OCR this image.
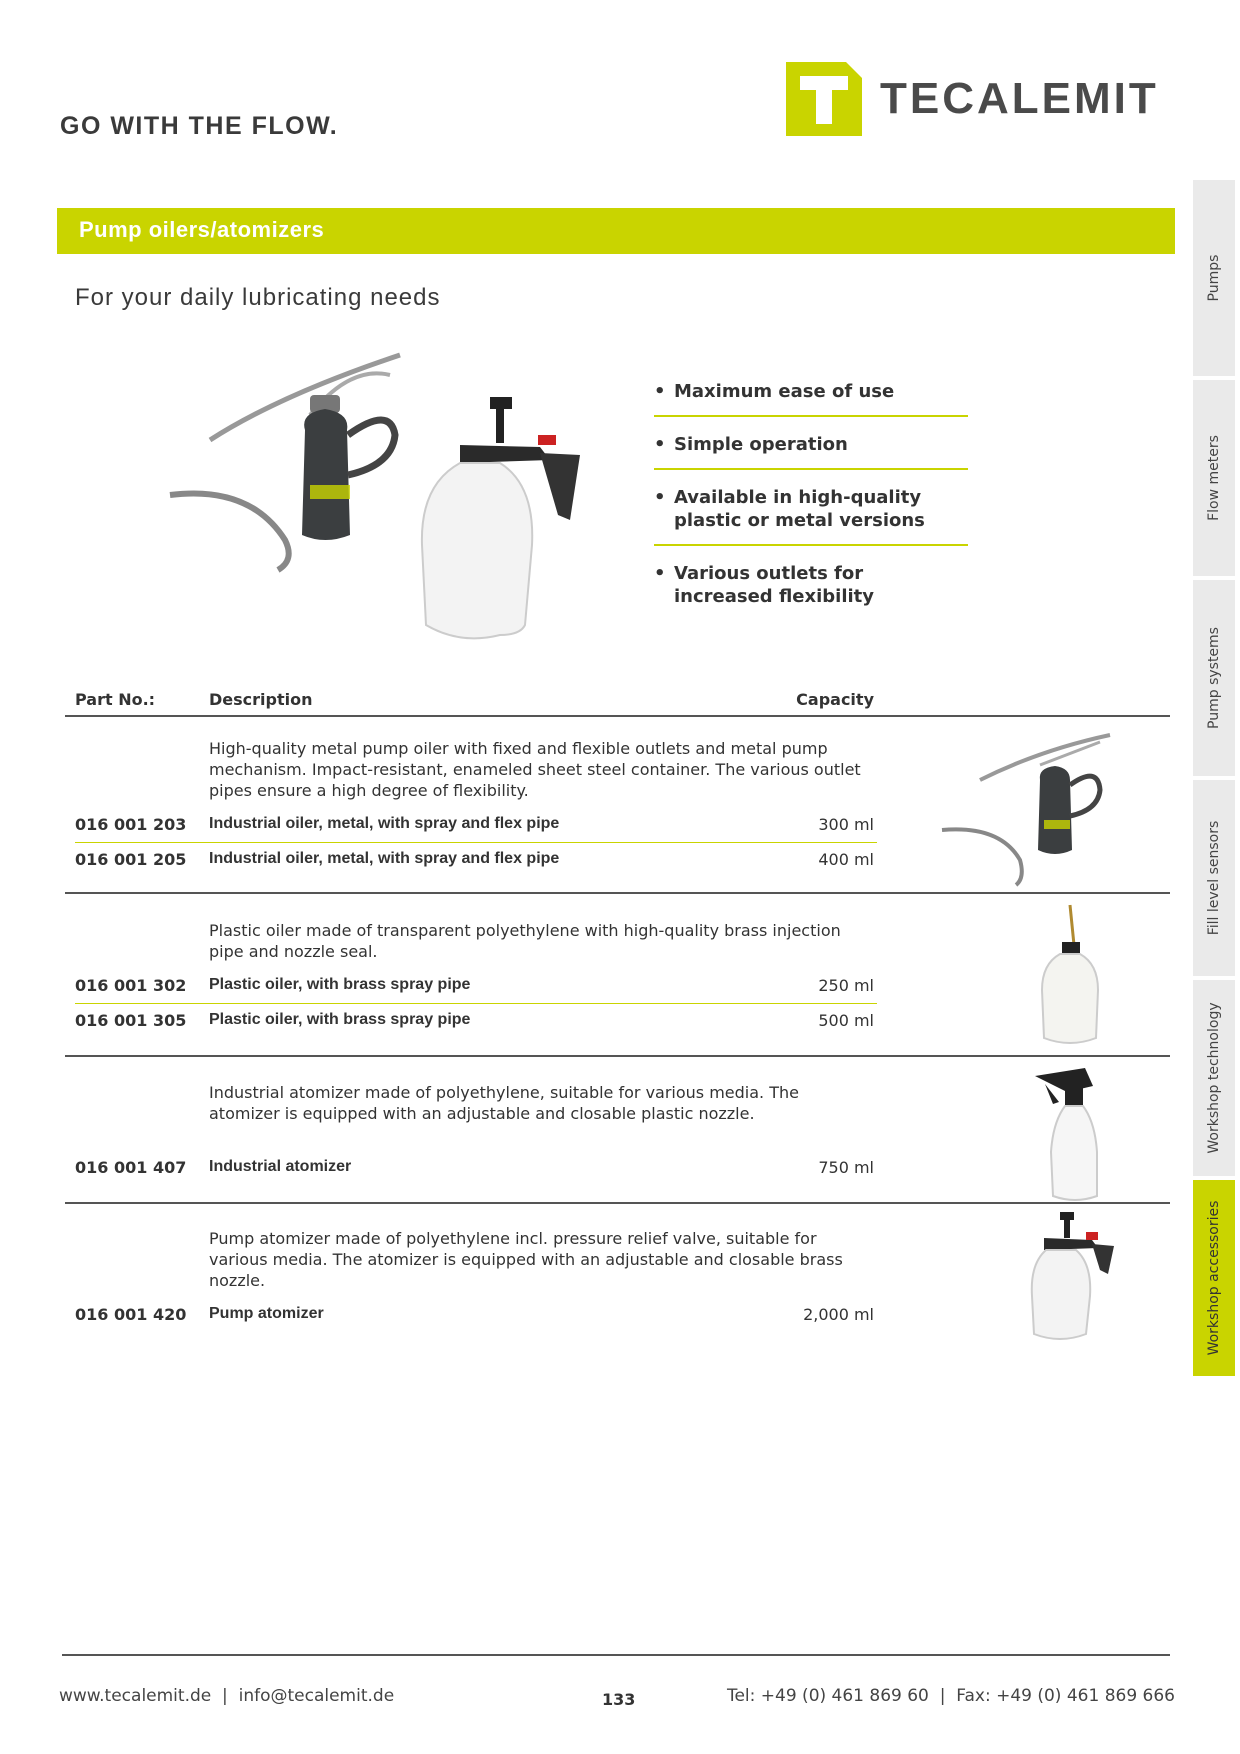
GO WITH THE FLOW.
TECALEMIT
Pump oilers/atomizers
For your daily lubricating needs
• Maximum ease of use
• Simple operation
• Available in high-quality plastic or metal versions
• Various outlets for increased flexibility
Part No.:	Description	Capacity
High-quality metal pump oiler with fixed and flexible outlets and metal pump mechanism. Impact-resistant, enameled sheet steel container. The various outlet pipes ensure a high degree of flexibility.
016 001 203 Industrial oiler, metal, with spray and flex pipe	300 ml
016 001 205 Industrial oiler, metal, with spray and flex pipe	400 ml
Plastic oiler made of transparent polyethylene with high-quality brass injection pipe and nozzle seal.
016 001 302 Plastic oiler, with brass spray pipe	250 ml
016 001 305 Plastic oiler, with brass spray pipe	500 ml
Industrial atomizer made of polyethylene, suitable for various media. The atomizer is equipped with an adjustable and closable plastic nozzle.
016 001 407 Industrial atomizer	750 ml
Pump atomizer made of polyethylene incl. pressure relief valve, suitable for various media. The atomizer is equipped with an adjustable and closable brass nozzle.
016 001 420 Pump atomizer	2,000 ml
Pumps
Flow meters
Pump systems
Fill level sensors
Workshop technology
Workshop accessories
www.tecalemit.de  |  info@tecalemit.de	133	Tel: +49 (0) 461 869 60  |  Fax: +49 (0) 461 869 666
